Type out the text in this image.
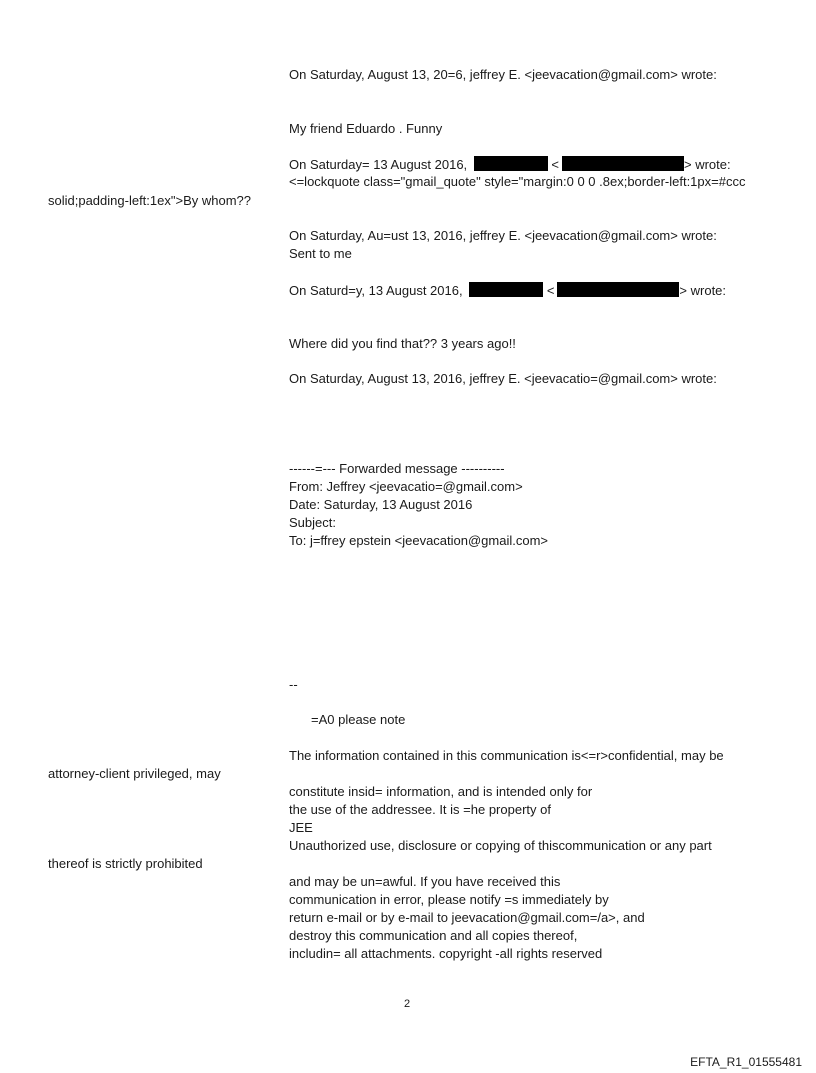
On Saturday, August 13, 20=6, jeffrey E. <jeevacation@gmail.com> wrote:
My friend Eduardo . Funny
On Saturday= 13 August 2016,	<	> wrote:
<=lockquote class="gmail_quote" style="margin:0 0 0 .8ex;border-left:1px=#ccc
solid;padding-left:1ex">By whom??
On Saturday, Au=ust 13, 2016, jeffrey E. <jeevacation@gmail.com> wrote:
Sent to me
On Saturd=y, 13 August 2016,	<	> wrote:
Where did you find that?? 3 years ago!!
On Saturday, August 13, 2016, jeffrey E. <jeevacatio=@gmail.com> wrote:
------=--- Forwarded message ----------
From: Jeffrey <jeevacatio=@gmail.com>
Date: Saturday, 13 August 2016
Subject:
To: j=ffrey epstein <jeevacation@gmail.com>
--
=A0 please note
The information contained in this communication is<=r>confidential, may be
attorney-client privileged, may
constitute insid= information, and is intended only for
the use of the addressee. It is =he property of
JEE
Unauthorized use, disclosure or copying of thiscommunication or any part
thereof is strictly prohibited
and may be un=awful. If you have received this
communication in error, please notify =s immediately by
return e-mail or by e-mail to jeevacation@gmail.com=/a>, and
destroy this communication and all copies thereof,
includin= all attachments. copyright -all rights reserved
2
EFTA_R1_01555481
